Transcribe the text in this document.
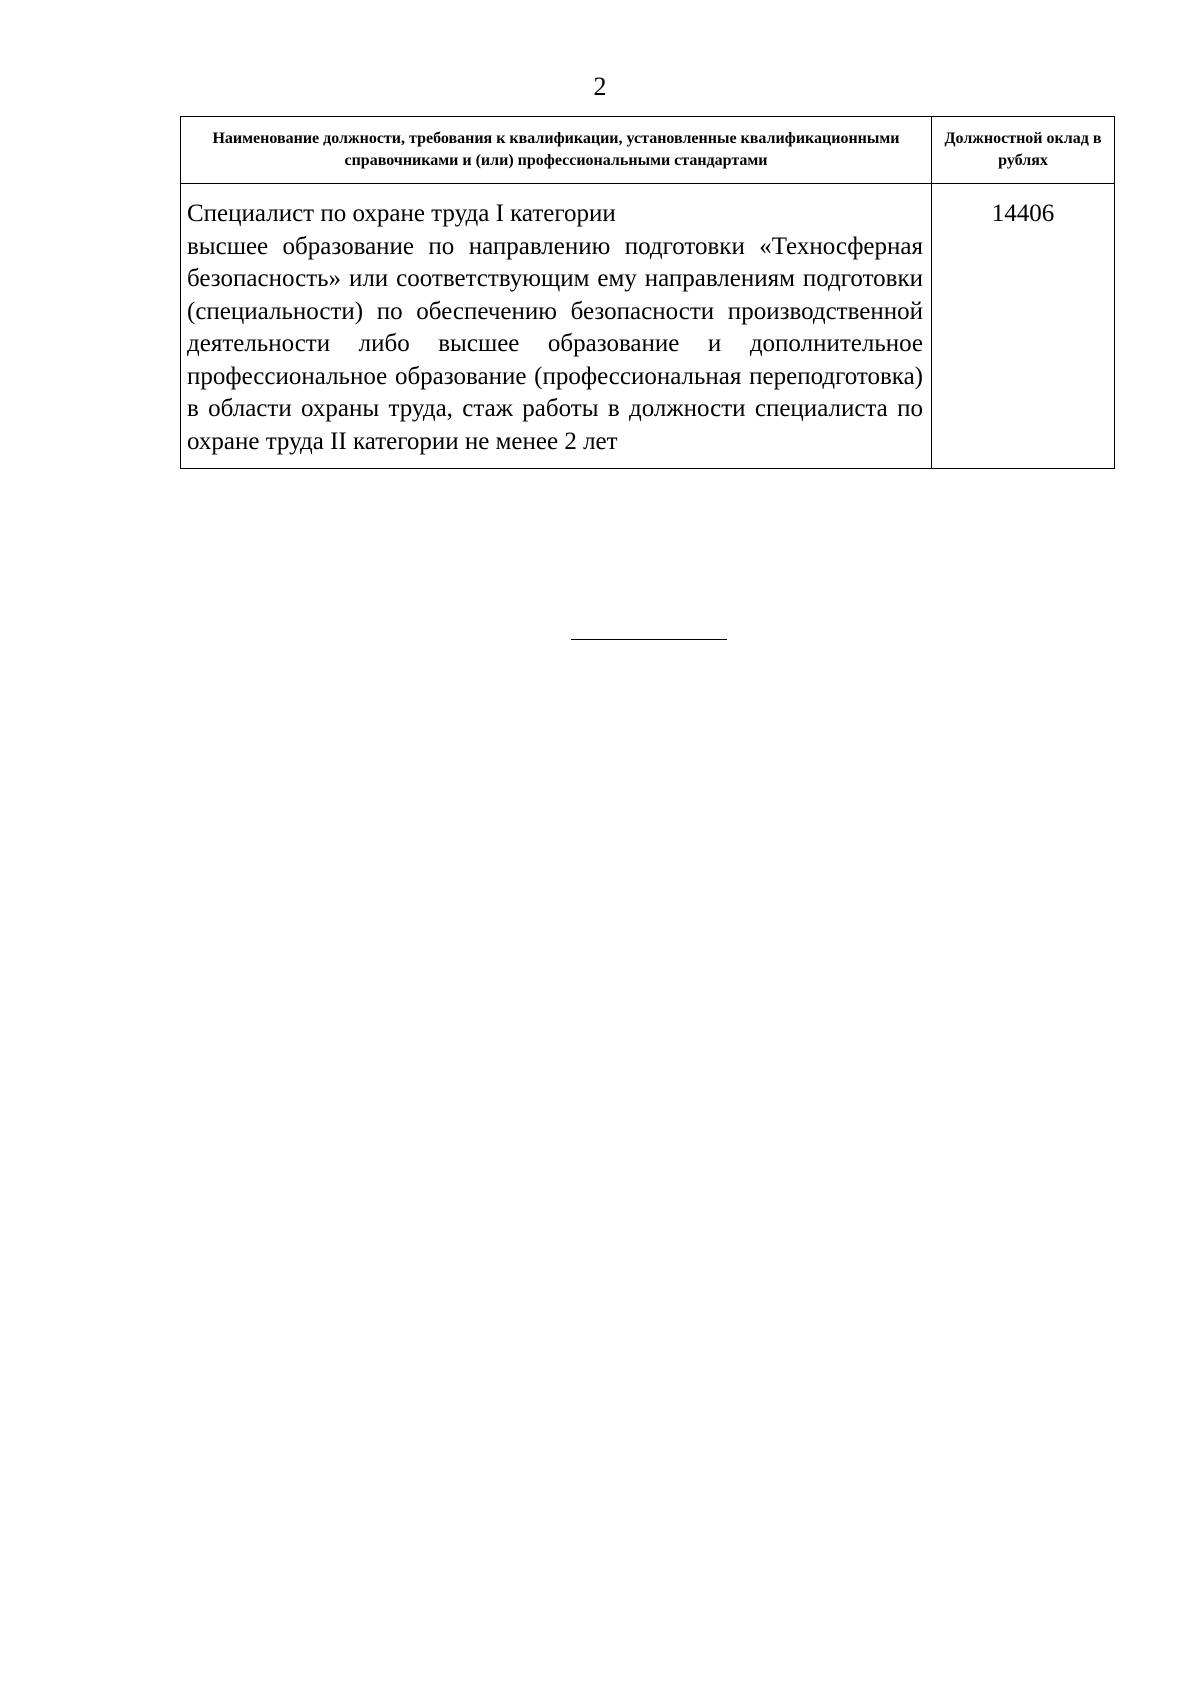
2
Наименование должности, требования к квалификации, установленные квалификационными справочниками и (или) профессиональными стандартами	Должностной оклад в рублях

Специалист по охране труда I категории
высшее образование по направлению подготовки «Техносферная безопасность» или соответствующим ему направлениям подготовки (специальности) по обеспечению безопасности производственной деятельности либо высшее образование и дополнительное профессиональное образование (профессиональная переподготовка) в области охраны труда, стаж работы в должности специалиста по охране труда II категории не менее 2 лет	14406
